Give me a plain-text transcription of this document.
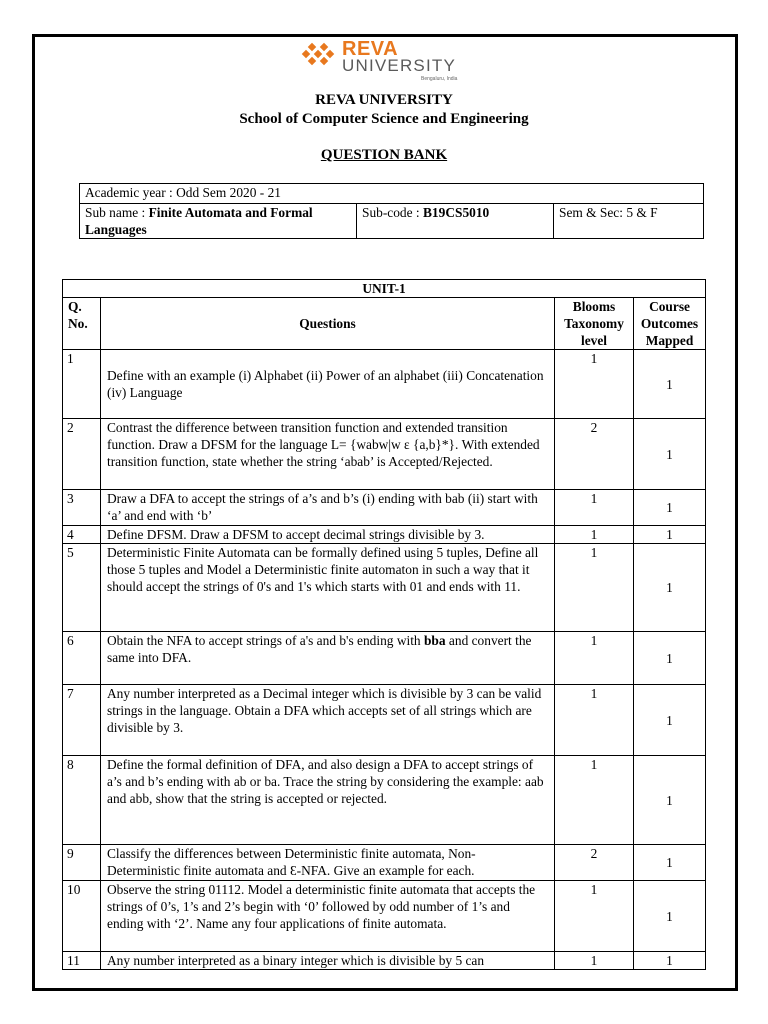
REVA
UNIVERSITY
Bengaluru, India
REVA UNIVERSITY
School of Computer Science and Engineering
QUESTION BANK
Academic year : Odd Sem 2020 - 21
Sub name : Finite Automata and Formal Languages	Sub-code : B19CS5010	Sem & Sec: 5 & F
UNIT-1			
Q. No.	Questions	Blooms Taxonomy level	Course Outcomes Mapped
1	Define with an example (i) Alphabet (ii) Power of an alphabet (iii) Concatenation (iv) Language	1	1
2	Contrast the difference between transition function and extended transition function. Draw a DFSM for the language L= {wabw|w ε {a,b}*}. With extended transition function, state whether the string ‘abab’ is Accepted/Rejected.	2	1
3	Draw a DFA to accept the strings of a’s and b’s (i) ending with bab (ii) start with ‘a’ and end with ‘b’	1	1
4	Define DFSM. Draw a DFSM to accept decimal strings divisible by 3.	1	1
5	Deterministic Finite Automata can be formally defined using 5 tuples, Define all those 5 tuples and Model a Deterministic finite automaton in such a way that it should accept the strings of 0's and 1's which starts with 01 and ends with 11.	1	1
6	Obtain the NFA to accept strings of a's and b's ending with bba and convert the same into DFA.	1	1
7	Any number interpreted as a Decimal integer which is divisible by 3 can be valid strings in the language. Obtain a DFA which accepts set of all strings which are divisible by 3.	1	1
8	Define the formal definition of DFA, and also design a DFA to accept strings of a’s and b’s ending with ab or ba. Trace the string by considering the example: aab and abb, show that the string is accepted or rejected.	1	1
9	Classify the differences between Deterministic finite automata, Non-Deterministic finite automata and Ɛ-NFA. Give an example for each.	2	1
10	Observe the string 01112. Model a deterministic finite automata that accepts the strings of 0’s, 1’s and 2’s begin with ‘0’ followed by odd number of 1’s and ending with ‘2’. Name any four applications of finite automata.	1	1
11	Any number interpreted as a binary integer which is divisible by 5 can	1	1
